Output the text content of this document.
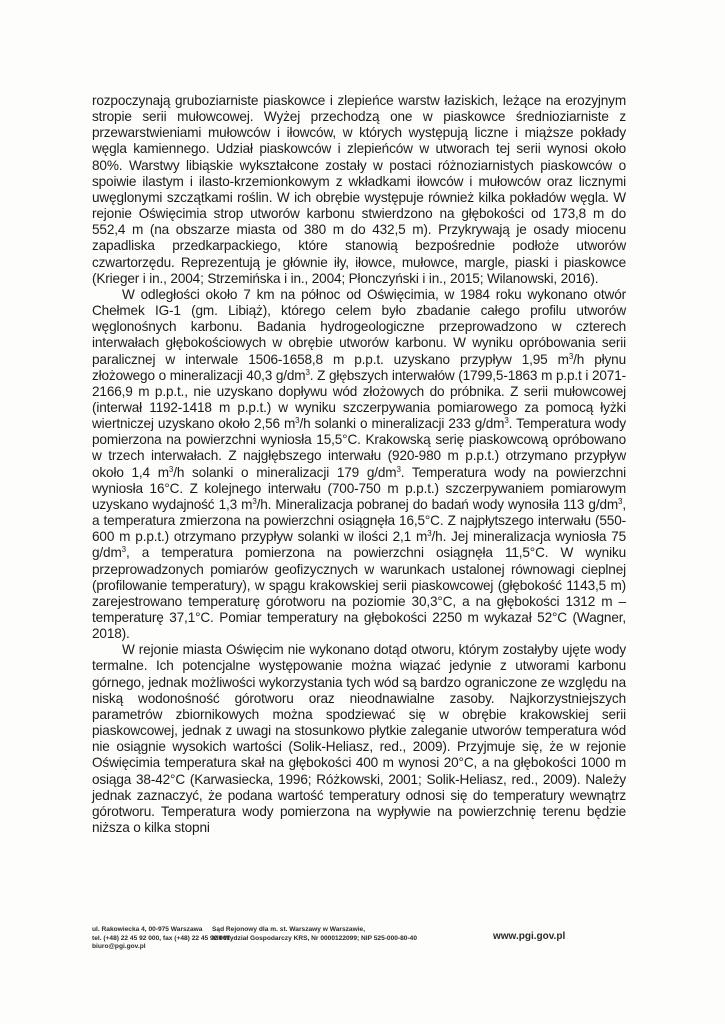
rozpoczynają gruboziarniste piaskowce i zlepieńce warstw łaziskich, leżące na erozyjnym stropie serii mułowcowej. Wyżej przechodzą one w piaskowce średnioziarniste z przewarstwieniami mułowców i iłowców, w których występują liczne i miąższe pokłady węgla kamiennego. Udział piaskowców i zlepieńców w utworach tej serii wynosi około 80%. Warstwy libiąskie wykształcone zostały w postaci różnoziarnistych piaskowców o spoiwie ilastym i ilasto-krzemionkowym z wkładkami iłowców i mułowców oraz licznymi uwęglonymi szczątkami roślin. W ich obrębie występuje również kilka pokładów węgla. W rejonie Oświęcimia strop utworów karbonu stwierdzono na głębokości od 173,8 m do 552,4 m (na obszarze miasta od 380 m do 432,5 m). Przykrywają je osady miocenu zapadliska przedkarpackiego, które stanowią bezpośrednie podłoże utworów czwartorzędu. Reprezentują je głównie iły, iłowce, mułowce, margle, piaski i piaskowce (Krieger i in., 2004; Strzemińska i in., 2004; Płonczyński i in., 2015; Wilanowski, 2016).

W odległości około 7 km na północ od Oświęcimia, w 1984 roku wykonano otwór Chełmek IG-1 (gm. Libiąż), którego celem było zbadanie całego profilu utworów węglonośnych karbonu. Badania hydrogeologiczne przeprowadzono w czterech interwałach głębokościowych w obrębie utworów karbonu. W wyniku opróbowania serii paralicznej w interwale 1506-1658,8 m p.p.t. uzyskano przypływ 1,95 $m^3/h$ płynu złożowego o mineralizacji 40,3 $g/dm^3$. Z głębszych interwałów (1799,5-1863 m p.p.t i 2071-2166,9 m p.p.t., nie uzyskano dopływu wód złożowych do próbnika. Z serii mułowcowej (interwał 1192-1418 m p.p.t.) w wyniku szczerpywania pomiarowego za pomocą łyżki wiertniczej uzyskano około 2,56 $m^3/h$ solanki o mineralizacji 233 $g/dm^3$. Temperatura wody pomierzona na powierzchni wyniosła 15,5°C. Krakowską serię piaskowcową opróbowano w trzech interwałach. Z najgłębszego interwału (920-980 m p.p.t.) otrzymano przypływ około 1,4 $m^3/h$ solanki o mineralizacji 179 $g/dm^3$. Temperatura wody na powierzchni wyniosła 16°C. Z kolejnego interwału (700-750 m p.p.t.) szczerpywaniem pomiarowym uzyskano wydajność 1,3 $m^3/h$. Mineralizacja pobranej do badań wody wynosiła 113 $g/dm^3$, a temperatura zmierzona na powierzchni osiągnęła 16,5°C. Z najpłytszego interwału (550-600 m p.p.t.) otrzymano przypływ solanki w ilości 2,1 $m^3/h$. Jej mineralizacja wyniosła 75 $g/dm^3$, a temperatura pomierzona na powierzchni osiągnęła 11,5°C. W wyniku przeprowadzonych pomiarów geofizycznych w warunkach ustalonej równowagi cieplnej (profilowanie temperatury), w spągu krakowskiej serii piaskowcowej (głębokość 1143,5 m) zarejestrowano temperaturę górotworu na poziomie 30,3°C, a na głębokości 1312 m – temperaturę 37,1°C. Pomiar temperatury na głębokości 2250 m wykazał 52°C (Wagner, 2018).

W rejonie miasta Oświęcim nie wykonano dotąd otworu, którym zostałyby ujęte wody termalne. Ich potencjalne występowanie można wiązać jedynie z utworami karbonu górnego, jednak możliwości wykorzystania tych wód są bardzo ograniczone ze względu na niską wodonośność górotworu oraz nieodnawialne zasoby. Najkorzystniejszych parametrów zbiornikowych można spodziewać się w obrębie krakowskiej serii piaskowcowej, jednak z uwagi na stosunkowo płytkie zaleganie utworów temperatura wód nie osiągnie wysokich wartości (Solik-Heliasz, red., 2009). Przyjmuje się, że w rejonie Oświęcimia temperatura skał na głębokości 400 m wynosi 20°C, a na głębokości 1000 m osiąga 38-42°C (Karwasiecka, 1996; Różkowski, 2001; Solik-Heliasz, red., 2009). Należy jednak zaznaczyć, że podana wartość temperatury odnosi się do temperatury wewnątrz górotworu. Temperatura wody pomierzona na wypływie na powierzchnię terenu będzie niższa o kilka stopni

ul. Rakowiecka 4, 00-975 Warszawa
tel. (+48) 22 45 92 000, fax (+48) 22 45 92 001
biuro@pgi.gov.pl
Sąd Rejonowy dla m. st. Warszawy w Warszawie,
XIII Wydział Gospodarczy KRS, Nr 0000122099; NIP 525-000-80-40	www.pgi.gov.pl
